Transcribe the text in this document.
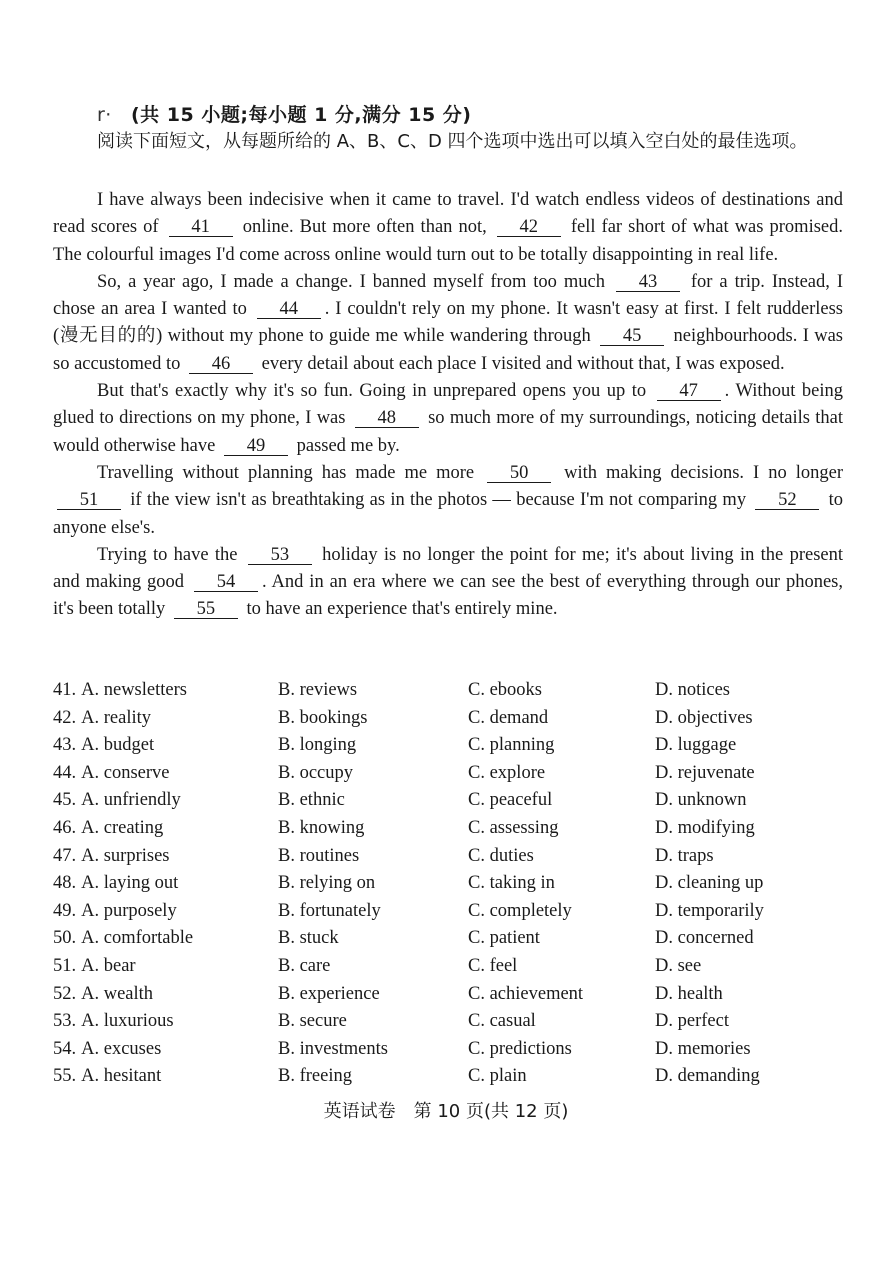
r· (共 15 小题;每小题 1 分,满分 15 分)
阅读下面短文，从每题所给的 A、B、C、D 四个选项中选出可以填入空白处的最佳选项。

I have always been indecisive when it came to travel. I'd watch endless videos of destinations and read scores of 41 online. But more often than not, 42 fell far short of what was promised. The colourful images I'd come across online would turn out to be totally disappointing in real life.

So, a year ago, I made a change. I banned myself from too much 43 for a trip. Instead, I chose an area I wanted to 44 . I couldn't rely on my phone. It wasn't easy at first. I felt rudderless (漫无目的的) without my phone to guide me while wandering through 45 neighbourhoods. I was so accustomed to 46 every detail about each place I visited and without that, I was exposed.

But that's exactly why it's so fun. Going in unprepared opens you up to 47 . Without being glued to directions on my phone, I was 48 so much more of my surroundings, noticing details that would otherwise have 49 passed me by.

Travelling without planning has made me more 50 with making decisions. I no longer 51 if the view isn't as breathtaking as in the photos — because I'm not comparing my 52 to anyone else's.

Trying to have the 53 holiday is no longer the point for me; it's about living in the present and making good 54 . And in an era where we can see the best of everything through our phones, it's been totally 55 to have an experience that's entirely mine.

41. A. newsletters	B. reviews	C. ebooks	D. notices
42. A. reality	B. bookings	C. demand	D. objectives
43. A. budget	B. longing	C. planning	D. luggage
44. A. conserve	B. occupy	C. explore	D. rejuvenate
45. A. unfriendly	B. ethnic	C. peaceful	D. unknown
46. A. creating	B. knowing	C. assessing	D. modifying
47. A. surprises	B. routines	C. duties	D. traps
48. A. laying out	B. relying on	C. taking in	D. cleaning up
49. A. purposely	B. fortunately	C. completely	D. temporarily
50. A. comfortable	B. stuck	C. patient	D. concerned
51. A. bear	B. care	C. feel	D. see
52. A. wealth	B. experience	C. achievement	D. health
53. A. luxurious	B. secure	C. casual	D. perfect
54. A. excuses	B. investments	C. predictions	D. memories
55. A. hesitant	B. freeing	C. plain	D. demanding
英语试卷　第 10 页(共 12 页)
